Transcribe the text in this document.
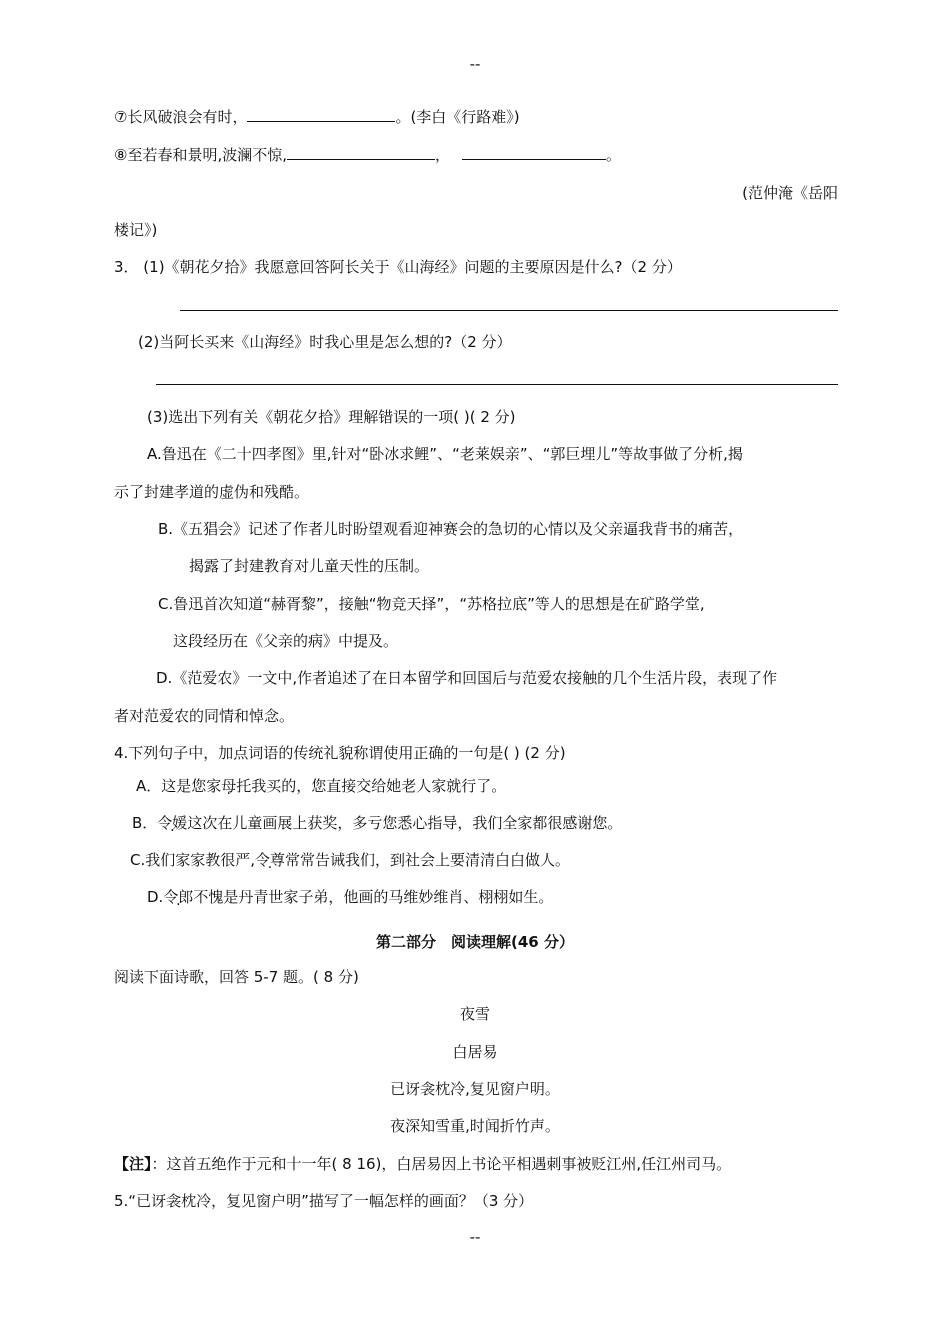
--
⑦长风破浪会有时，	。(李白《行路难》)
⑧至若春和景明,波澜不惊,	，	。
(范仲淹《岳阳
楼记》)
3． (1)《朝花夕拾》我愿意回答阿长关于《山海经》问题的主要原因是什么?（2 分）
(2)当阿长买来《山海经》时我心里是怎么想的?（2 分）
(3)选出下列有关《朝花夕拾》理解错误的一项( )( 2 分)
A.鲁迅在《二十四孝图》里,针对“卧冰求鲤”、“老莱娱亲”、“郭巨埋儿”等故事做了分析,揭
示了封建孝道的虚伪和残酷。
B.《五猖会》记述了作者儿时盼望观看迎神赛会的急切的心情以及父亲逼我背书的痛苦，
揭露了封建教育对儿童天性的压制。
C.鲁迅首次知道“赫胥黎”，接触“物竞天择”，“苏格拉底”等人的思想是在矿路学堂,
这段经历在《父亲的病》中提及。
D.《范爱农》一文中,作者追述了在日本留学和回国后与范爱农接触的几个生活片段，表现了作
者对范爱农的同情和悼念。
4.下列句子中，加点词语的传统礼貌称谓使用正确的一句是( ) (2 分)
A．这是您家母托我买的，您直接交给她老人家就行了。
B．令媛这次在儿童画展上获奖，多亏您悉心指导，我们全家都很感谢您。
C.我们家家教很严,令尊常常告诫我们，到社会上要清清白白做人。
D.令郎不愧是丹青世家子弟，他画的马维妙维肖、栩栩如生。
第二部分　阅读理解(46 分）
阅读下面诗歌，回答 5-7 题。( 8 分)
夜雪
白居易
已讶衾枕冷,复见窗户明。
夜深知雪重,时闻折竹声。
【注】：这首五绝作于元和十一年( 8 16)，白居易因上书论平相遇刺事被贬江州,任江州司马。
5.“已讶衾枕冷，复见窗户明”描写了一幅怎样的画面？（3 分）
--
